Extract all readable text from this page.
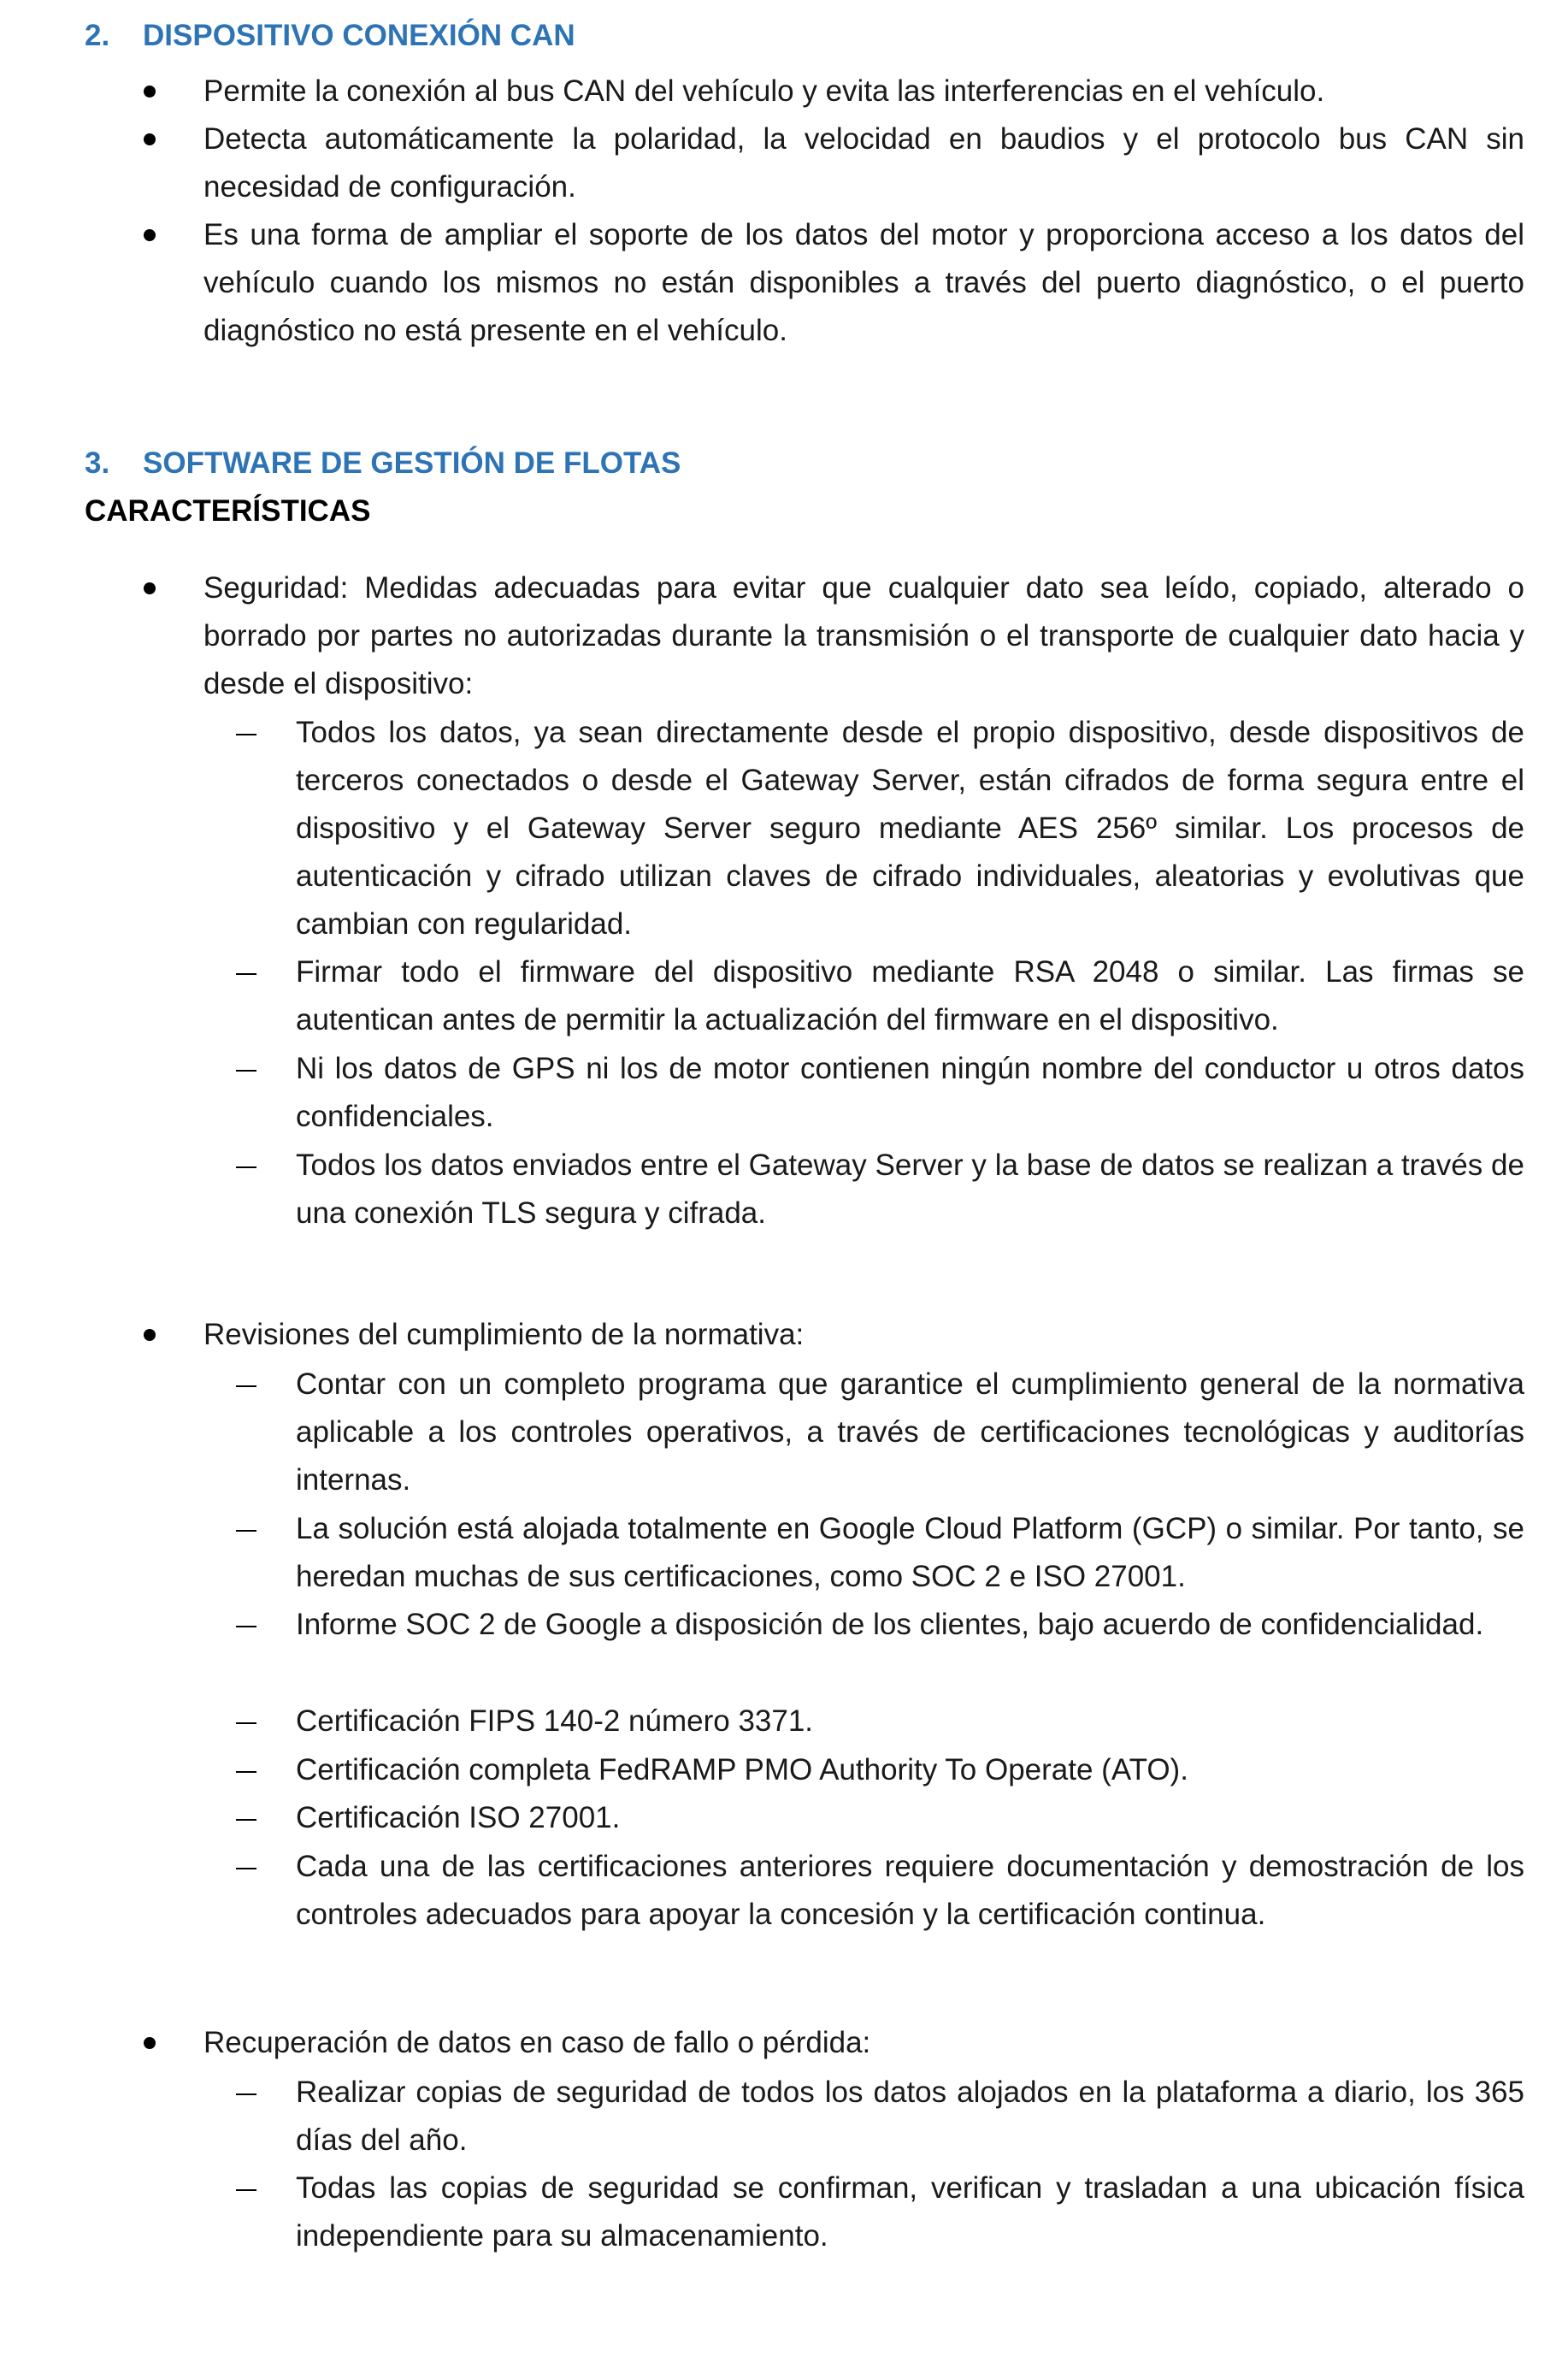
2. DISPOSITIVO CONEXIÓN CAN
Permite la conexión al bus CAN del vehículo y evita las interferencias en el vehículo.
Detecta automáticamente la polaridad, la velocidad en baudios y el protocolo bus CAN sin necesidad de configuración.
Es una forma de ampliar el soporte de los datos del motor y proporciona acceso a los datos del vehículo cuando los mismos no están disponibles a través del puerto diagnóstico, o el puerto diagnóstico no está presente en el vehículo.
3. SOFTWARE DE GESTIÓN DE FLOTAS
CARACTERÍSTICAS
Seguridad: Medidas adecuadas para evitar que cualquier dato sea leído, copiado, alterado o borrado por partes no autorizadas durante la transmisión o el transporte de cualquier dato hacia y desde el dispositivo:
Todos los datos, ya sean directamente desde el propio dispositivo, desde dispositivos de terceros conectados o desde el Gateway Server, están cifrados de forma segura entre el dispositivo y el Gateway Server seguro mediante AES 256º similar. Los procesos de autenticación y cifrado utilizan claves de cifrado individuales, aleatorias y evolutivas que cambian con regularidad.
Firmar todo el firmware del dispositivo mediante RSA 2048 o similar. Las firmas se autentican antes de permitir la actualización del firmware en el dispositivo.
Ni los datos de GPS ni los de motor contienen ningún nombre del conductor u otros datos confidenciales.
Todos los datos enviados entre el Gateway Server y la base de datos se realizan a través de una conexión TLS segura y cifrada.
Revisiones del cumplimiento de la normativa:
Contar con un completo programa que garantice el cumplimiento general de la normativa aplicable a los controles operativos, a través de certificaciones tecnológicas y auditorías internas.
La solución está alojada totalmente en Google Cloud Platform (GCP) o similar. Por tanto, se heredan muchas de sus certificaciones, como SOC 2 e ISO 27001.
Informe SOC 2 de Google a disposición de los clientes, bajo acuerdo de confidencialidad.
Certificación FIPS 140-2 número 3371.
Certificación completa FedRAMP PMO Authority To Operate (ATO).
Certificación ISO 27001.
Cada una de las certificaciones anteriores requiere documentación y demostración de los controles adecuados para apoyar la concesión y la certificación continua.
Recuperación de datos en caso de fallo o pérdida:
Realizar copias de seguridad de todos los datos alojados en la plataforma a diario, los 365 días del año.
Todas las copias de seguridad se confirman, verifican y trasladan a una ubicación física independiente para su almacenamiento.
